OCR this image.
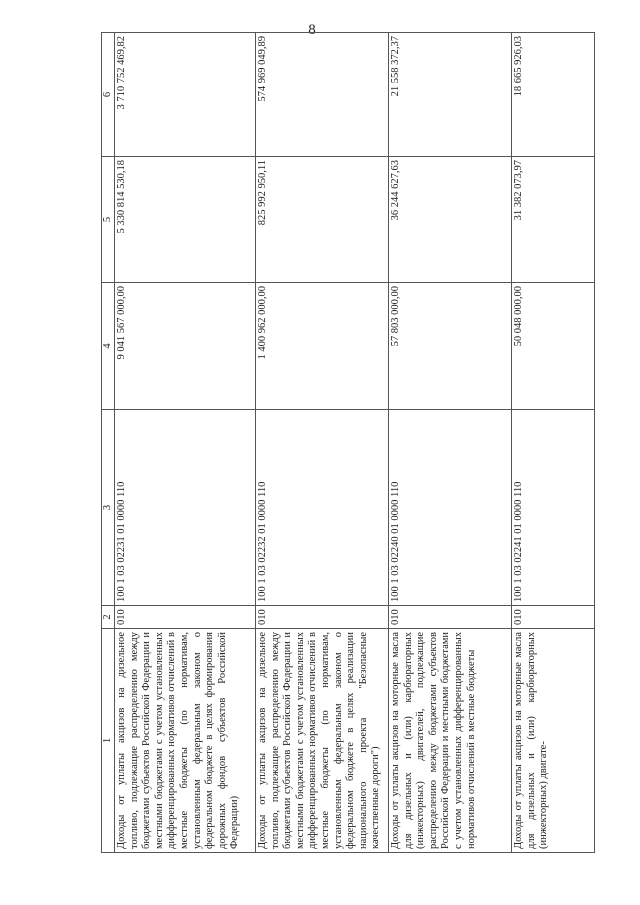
8
1	2	3	4	5	6
Доходы от уплаты акцизов на дизельное топливо, подлежащие распределению между бюджетами субъектов Российской Федерации и местными бюджетами с учетом установленных дифференцированных нормативов отчислений в местные бюджеты (по нормативам, установленным федеральным законом о федеральном бюджете в целях формирования дорожных фондов субъектов Российской Федерации)	010	100 1 03 02231 01 0000 110	9 041 567 000,00	5 330 814 530,18	3 710 752 469,82
Доходы от уплаты акцизов на дизельное топливо, подлежащие распределению между бюджетами субъектов Российской Федерации и местными бюджетами с учетом установленных дифференцированных нормативов отчислений в местные бюджеты (по нормативам, установленным федеральным законом о федеральном бюджете в целях реализации национального проекта "Безопасные качественные дороги")	010	100 1 03 02232 01 0000 110	1 400 962 000,00	825 992 950,11	574 969 049,89
Доходы от уплаты акцизов на моторные масла для дизельных и (или) карбюраторных (инжекторных) двигателей, подлежащие распределению между бюджетами субъектов Российской Федерации и местными бюджетами с учетом установленных дифференцированных нормативов отчислений в местные бюджеты	010	100 1 03 02240 01 0000 110	57 803 000,00	36 244 627,63	21 558 372,37

Доходы от уплаты акцизов на моторные масла для дизельных и (или) карбюраторных (инжекторных) двигате-	010	100 1 03 02241 01 0000 110	50 048 000,00	31 382 073,97	18 665 926,03
